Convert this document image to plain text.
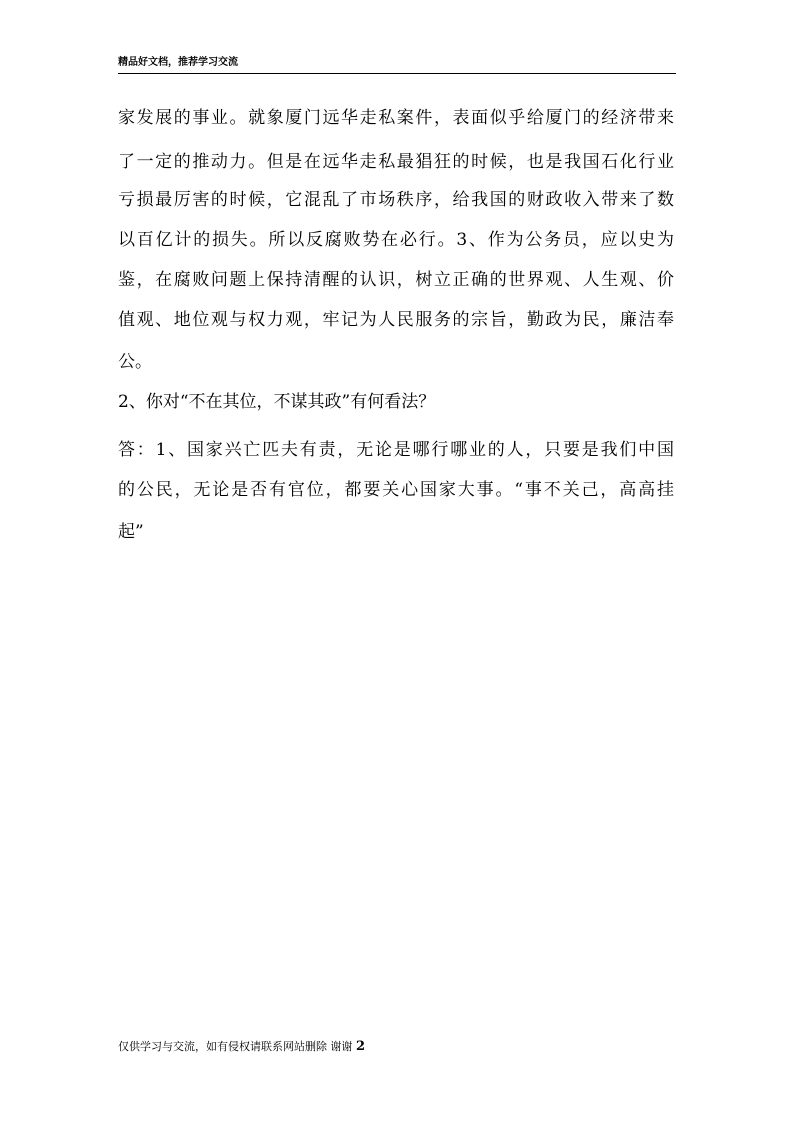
精品好文档，推荐学习交流
家发展的事业。就象厦门远华走私案件，表面似乎给厦门的经济带来
了一定的推动力。但是在远华走私最猖狂的时候，也是我国石化行业
亏损最厉害的时候，它混乱了市场秩序，给我国的财政收入带来了数
以百亿计的损失。所以反腐败势在必行。3、作为公务员，应以史为
鉴，在腐败问题上保持清醒的认识，树立正确的世界观、人生观、价
值观、地位观与权力观，牢记为人民服务的宗旨，勤政为民，廉洁奉
公。
2、你对“不在其位，不谋其政”有何看法？
答：1、国家兴亡匹夫有责，无论是哪行哪业的人，只要是我们中国
的公民，无论是否有官位，都要关心国家大事。“事不关己，高高挂
起”
仅供学习与交流，如有侵权请联系网站删除 谢谢 2
